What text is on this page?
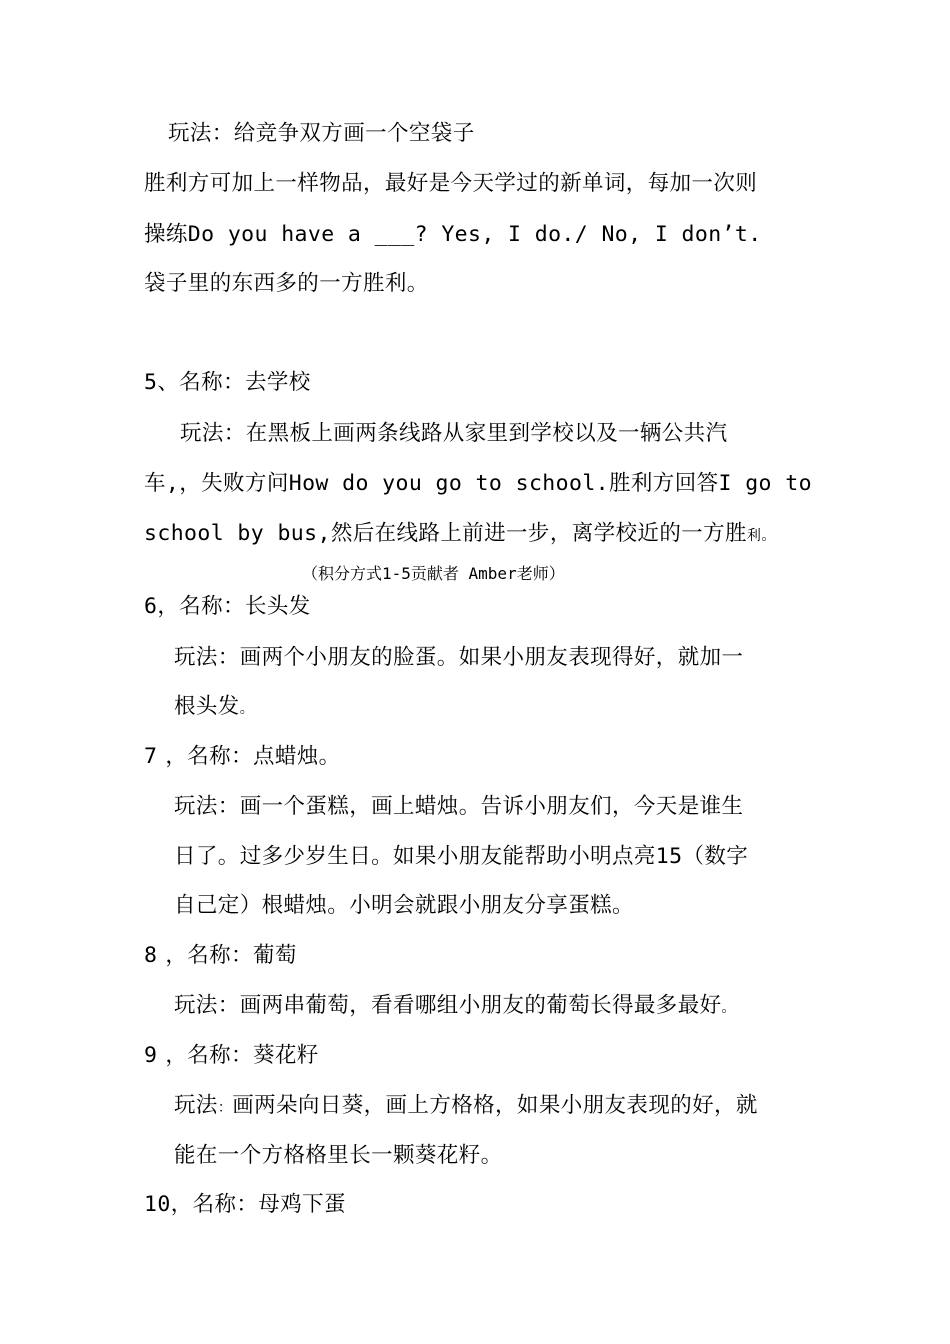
玩法：给竞争双方画一个空袋子

胜利方可加上一样物品，最好是今天学过的新单词，每加一次则

操练Do you have a ___? Yes, I do./ No, I don’t.

袋子里的东西多的一方胜利。

5、名称：去学校

玩法：在黑板上画两条线路从家里到学校以及一辆公共汽

车,，失败方问How do you go to school.胜利方回答I go to

school by bus,然后在线路上前进一步，离学校近的一方胜利。

（积分方式1-5贡献者 Amber老师）

6，名称：长头发

玩法：画两个小朋友的脸蛋。如果小朋友表现得好，就加一

根头发。

7 ，名称：点蜡烛。

玩法：画一个蛋糕，画上蜡烛。告诉小朋友们，今天是谁生

日了。过多少岁生日。如果小朋友能帮助小明点亮15（数字

自己定）根蜡烛。小明会就跟小朋友分享蛋糕。

8 ，名称：葡萄

玩法：画两串葡萄，看看哪组小朋友的葡萄长得最多最好。

9 ，名称：葵花籽

玩法：画两朵向日葵，画上方格格，如果小朋友表现的好，就

能在一个方格格里长一颗葵花籽。

10，名称：母鸡下蛋
